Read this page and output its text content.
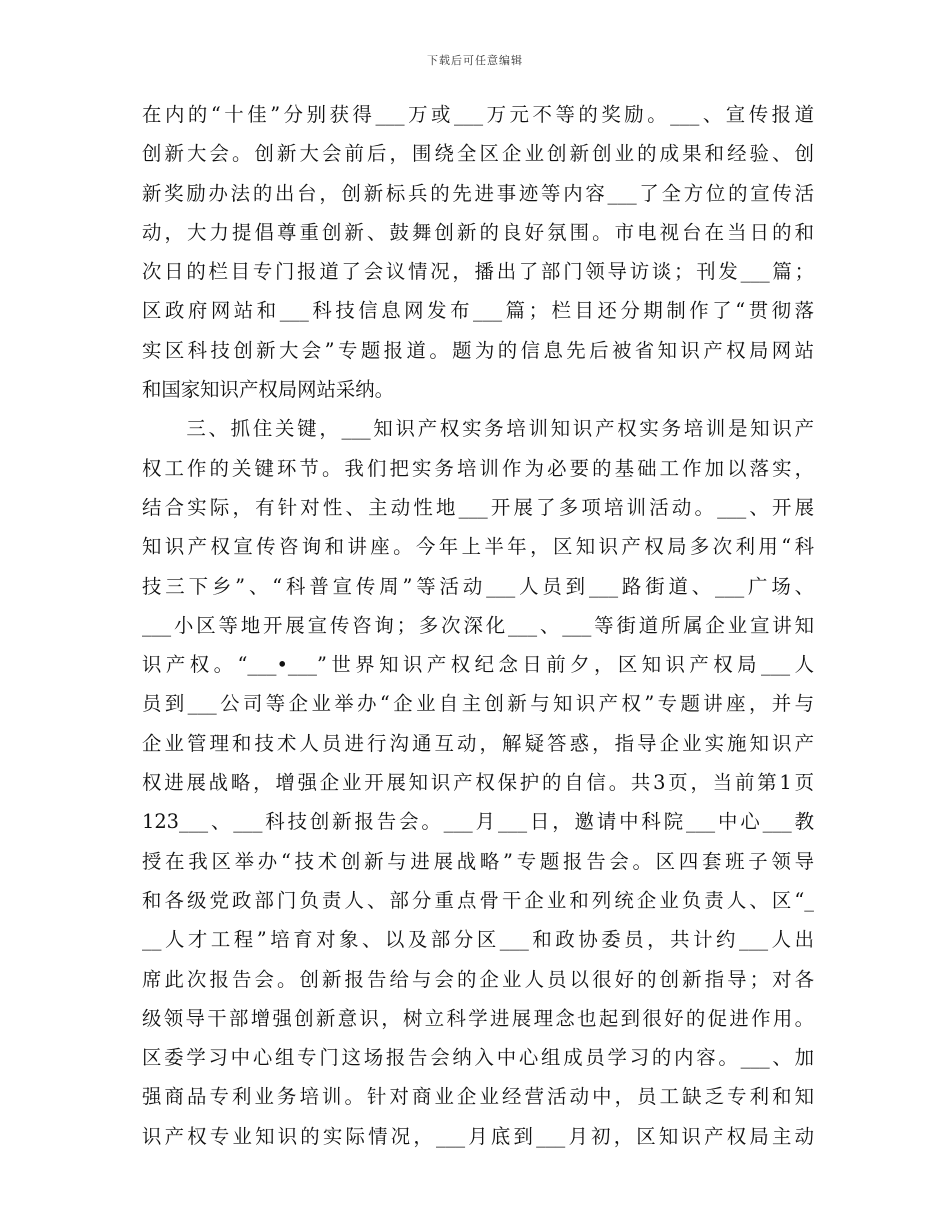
下载后可任意编辑
在内的“十佳”分别获得___万或___万元不等的奖励。___、宣传报道
创新大会。创新大会前后，围绕全区企业创新创业的成果和经验、创
新奖励办法的出台，创新标兵的先进事迹等内容___了全方位的宣传活
动，大力提倡尊重创新、鼓舞创新的良好氛围。市电视台在当日的和
次日的栏目专门报道了会议情况，播出了部门领导访谈；刊发___篇；
区政府网站和___科技信息网发布___篇；栏目还分期制作了“贯彻落
实区科技创新大会”专题报道。题为的信息先后被省知识产权局网站
和国家知识产权局网站采纳。
　　三、抓住关键，___知识产权实务培训知识产权实务培训是知识产
权工作的关键环节。我们把实务培训作为必要的基础工作加以落实，
结合实际，有针对性、主动性地___开展了多项培训活动。___、开展
知识产权宣传咨询和讲座。今年上半年，区知识产权局多次利用“科
技三下乡”、“科普宣传周”等活动___人员到___路街道、___广场、
___小区等地开展宣传咨询；多次深化___、___等街道所属企业宣讲知
识产权。“___•___”世界知识产权纪念日前夕，区知识产权局___人
员到___公司等企业举办“企业自主创新与知识产权”专题讲座，并与
企业管理和技术人员进行沟通互动，解疑答惑，指导企业实施知识产
权进展战略，增强企业开展知识产权保护的自信。共3页，当前第1页
123___、___科技创新报告会。___月___日，邀请中科院___中心___教
授在我区举办“技术创新与进展战略”专题报告会。区四套班子领导
和各级党政部门负责人、部分重点骨干企业和列统企业负责人、区“_
__人才工程”培育对象、以及部分区___和政协委员，共计约___人出
席此次报告会。创新报告给与会的企业人员以很好的创新指导；对各
级领导干部增强创新意识，树立科学进展理念也起到很好的促进作用。
区委学习中心组专门这场报告会纳入中心组成员学习的内容。___、加
强商品专利业务培训。针对商业企业经营活动中，员工缺乏专利和知
识产权专业知识的实际情况，___月底到___月初，区知识产权局主动
